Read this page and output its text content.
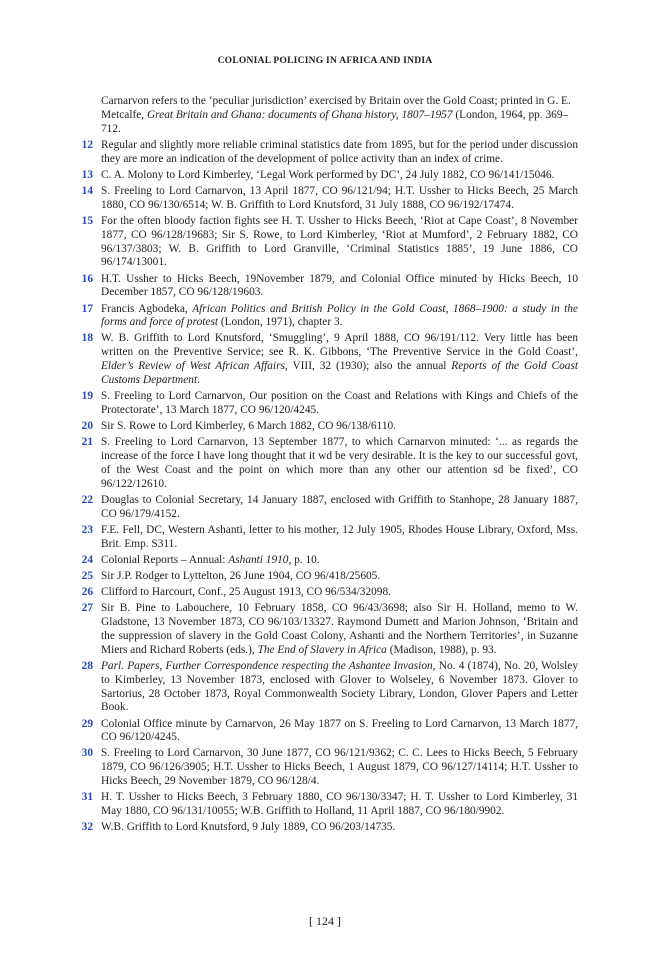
COLONIAL POLICING IN AFRICA AND INDIA
Carnarvon refers to the ‘peculiar jurisdiction’ exercised by Britain over the Gold Coast; printed in G. E. Metcalfe, Great Britain and Ghana: documents of Ghana history, 1807–1957 (London, 1964, pp. 369–712.
12 Regular and slightly more reliable criminal statistics date from 1895, but for the period under discussion they are more an indication of the development of police activity than an index of crime.
13 C. A. Molony to Lord Kimberley, ‘Legal Work performed by DC’, 24 July 1882, CO 96/141/15046.
14 S. Freeling to Lord Carnarvon, 13 April 1877, CO 96/121/94; H.T. Ussher to Hicks Beech, 25 March 1880, CO 96/130/6514; W. B. Griffith to Lord Knutsford, 31 July 1888, CO 96/192/17474.
15 For the often bloody faction fights see H. T. Ussher to Hicks Beech, ‘Riot at Cape Coast’, 8 November 1877, CO 96/128/19683; Sir S. Rowe, to Lord Kimberley, ‘Riot at Mumford’, 2 February 1882, CO 96/137/3803; W. B. Griffith to Lord Granville, ‘Criminal Statistics 1885’, 19 June 1886, CO 96/174/13001.
16 H.T. Ussher to Hicks Beech, 19November 1879, and Colonial Office minuted by Hicks Beech, 10 December 1857, CO 96/128/19603.
17 Francis Agbodeka, African Politics and British Policy in the Gold Coast, 1868–1900: a study in the forms and force of protest (London, 1971), chapter 3.
18 W. B. Griffith to Lord Knutsford, ‘Smuggling’, 9 April 1888, CO 96/191/112. Very little has been written on the Preventive Service; see R. K. Gibbons, ‘The Preventive Service in the Gold Coast’, Elder’s Review of West African Affairs, VIII, 32 (1930); also the annual Reports of the Gold Coast Customs Department.
19 S. Freeling to Lord Carnarvon, Our position on the Coast and Relations with Kings and Chiefs of the Protectorate’, 13 March 1877, CO 96/120/4245.
20 Sir S. Rowe to Lord Kimberley, 6 March 1882, CO 96/138/6110.
21 S. Freeling to Lord Carnarvon, 13 September 1877, to which Carnarvon minuted: ‘... as regards the increase of the force I have long thought that it wd be very desirable. It is the key to our successful govt, of the West Coast and the point on which more than any other our attention sd be fixed’, CO 96/122/12610.
22 Douglas to Colonial Secretary, 14 January 1887, enclosed with Griffith to Stanhope, 28 January 1887, CO 96/179/4152.
23 F.E. Fell, DC, Western Ashanti, letter to his mother, 12 July 1905, Rhodes House Library, Oxford, Mss. Brit. Emp. S311.
24 Colonial Reports – Annual: Ashanti 1910, p. 10.
25 Sir J.P. Rodger to Lyttelton, 26 June 1904, CO 96/418/25605.
26 Clifford to Harcourt, Conf., 25 August 1913, CO 96/534/32098.
27 Sir B. Pine to Labouchere, 10 February 1858, CO 96/43/3698; also Sir H. Holland, memo to W. Gladstone, 13 November 1873, CO 96/103/13327. Raymond Dumett and Marion Johnson, ‘Britain and the suppression of slavery in the Gold Coast Colony, Ashanti and the Northern Territories’, in Suzanne Miers and Richard Roberts (eds.), The End of Slavery in Africa (Madison, 1988), p. 93.
28 Parl. Papers, Further Correspondence respecting the Ashantee Invasion, No. 4 (1874), No. 20, Wolsley to Kimberley, 13 November 1873, enclosed with Glover to Wolseley, 6 November 1873. Glover to Sartorius, 28 October 1873, Royal Commonwealth Society Library, London, Glover Papers and Letter Book.
29 Colonial Office minute by Carnarvon, 26 May 1877 on S. Freeling to Lord Carnarvon, 13 March 1877, CO 96/120/4245.
30 S. Freeling to Lord Carnarvon, 30 June 1877, CO 96/121/9362; C. C. Lees to Hicks Beech, 5 February 1879, CO 96/126/3905; H.T. Ussher to Hicks Beech, 1 August 1879, CO 96/127/14114; H.T. Ussher to Hicks Beech, 29 November 1879, CO 96/128/4.
31 H. T. Ussher to Hicks Beech, 3 February 1880, CO 96/130/3347; H. T. Ussher to Lord Kimberley, 31 May 1880, CO 96/131/10055; W.B. Griffith to Holland, 11 April 1887, CO 96/180/9902.
32 W.B. Griffith to Lord Knutsford, 9 July 1889, CO 96/203/14735.
[ 124 ]
